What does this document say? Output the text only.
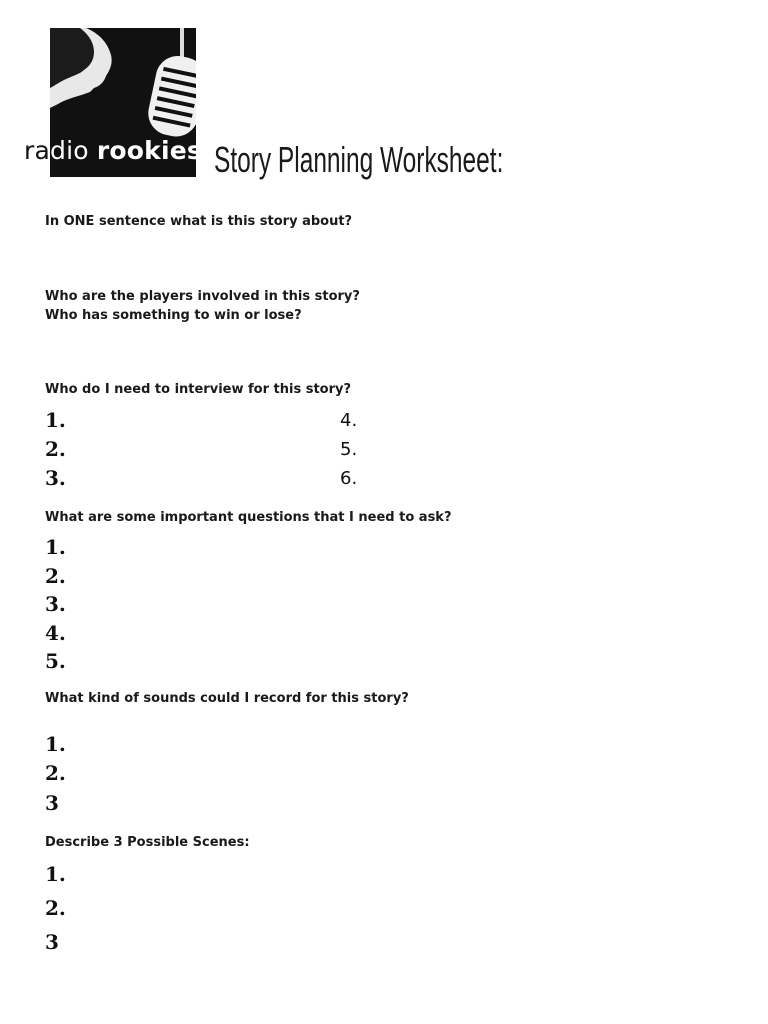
radio rookies Story Planning Worksheet:

In ONE sentence what is this story about?

Who are the players involved in this story?

Who has something to win or lose?

Who do I need to interview for this story?

1.
2.
3.
4.
5.
6.

What are some important questions that I need to ask?

1.
2.
3.
4.
5.

What kind of sounds could I record for this story?

1.
2.
3

Describe 3 Possible Scenes:

1.
2.
3
